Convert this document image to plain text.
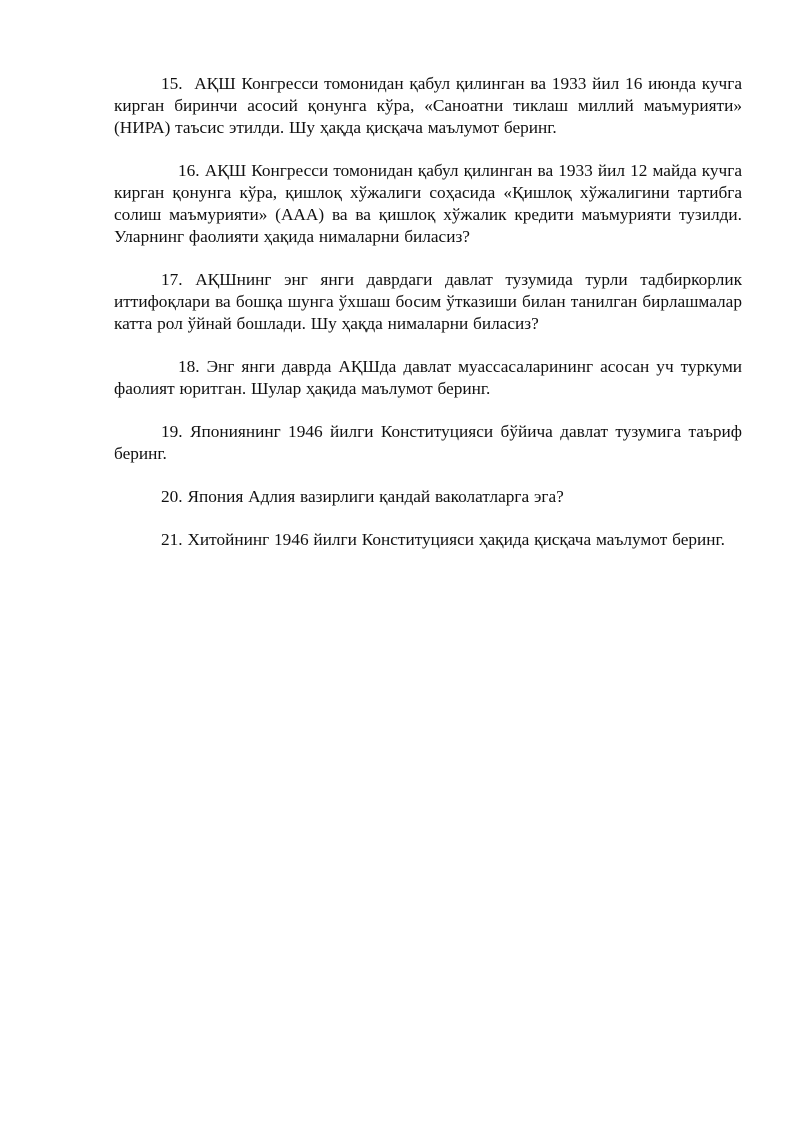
15. АҚШ Конгресси томонидан қабул қилинган ва 1933 йил 16 июнда кучга кирган биринчи асосий қонунга кўра, «Саноатни тиклаш миллий маъмурияти» (НИРА) таъсис этилди. Шу ҳақда қисқача маълумот беринг.

16. АҚШ Конгресси томонидан қабул қилинган ва 1933 йил 12 майда кучга кирган қонунга кўра, қишлоқ хўжалиги соҳасида «Қишлоқ хўжалигини тартибга солиш маъмурияти» (ААА) ва ва қишлоқ хўжалик кредити маъмурияти тузилди. Уларнинг фаолияти ҳақида нималарни биласиз?

17. АҚШнинг энг янги даврдаги давлат тузумида турли тадбиркорлик иттифоқлари ва бошқа шунга ўхшаш босим ўтказиши билан танилган бирлашмалар катта рол ўйнай бошлади. Шу ҳақда нималарни биласиз?

18. Энг янги даврда АҚШда давлат муассасаларининг асосан уч туркуми фаолият юритган. Шулар ҳақида маълумот беринг.

19. Япониянинг 1946 йилги Конституцияси бўйича давлат тузумига таъриф беринг.

20. Япония Адлия вазирлиги қандай ваколатларга эга?

21. Хитойнинг 1946 йилги Конституцияси ҳақида қисқача маълумот беринг.
